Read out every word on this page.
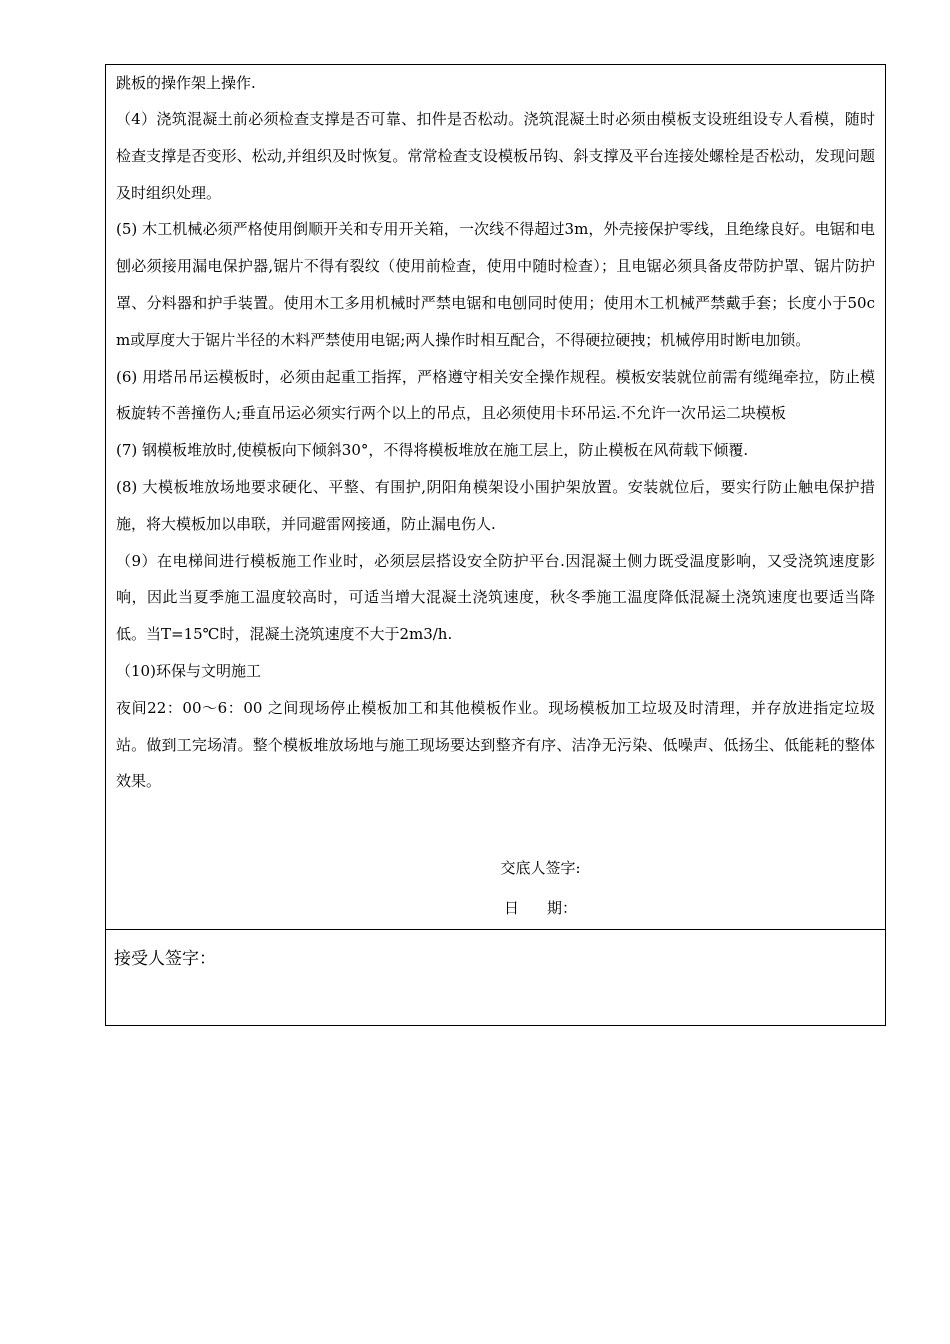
跳板的操作架上操作.

（4）浇筑混凝土前必须检查支撑是否可靠、扣件是否松动。浇筑混凝土时必须由模板支设班组设专人看模，随时检查支撑是否变形、松动,并组织及时恢复。常常检查支设模板吊钩、斜支撑及平台连接处螺栓是否松动，发现问题及时组织处理。

(5) 木工机械必须严格使用倒顺开关和专用开关箱，一次线不得超过3m，外壳接保护零线，且绝缘良好。电锯和电刨必须接用漏电保护器,锯片不得有裂纹（使用前检查，使用中随时检查）；且电锯必须具备皮带防护罩、锯片防护罩、分料器和护手装置。使用木工多用机械时严禁电锯和电刨同时使用；使用木工机械严禁戴手套；长度小于50cm或厚度大于锯片半径的木料严禁使用电锯;两人操作时相互配合，不得硬拉硬拽；机械停用时断电加锁。

(6) 用塔吊吊运模板时，必须由起重工指挥，严格遵守相关安全操作规程。模板安装就位前需有缆绳牵拉，防止模板旋转不善撞伤人;垂直吊运必须实行两个以上的吊点，且必须使用卡环吊运.不允许一次吊运二块模板

(7) 钢模板堆放时,使模板向下倾斜30°，不得将模板堆放在施工层上，防止模板在风荷载下倾覆.

(8) 大模板堆放场地要求硬化、平整、有围护,阴阳角模架设小围护架放置。安装就位后，要实行防止触电保护措施，将大模板加以串联，并同避雷网接通，防止漏电伤人.

（9）在电梯间进行模板施工作业时，必须层层搭设安全防护平台.因混凝土侧力既受温度影响，又受浇筑速度影响，因此当夏季施工温度较高时，可适当增大混凝土浇筑速度，秋冬季施工温度降低混凝土浇筑速度也要适当降低。当T=15℃时，混凝土浇筑速度不大于2m3/h.

（10)环保与文明施工

夜间22：00～6：00 之间现场停止模板加工和其他模板作业。现场模板加工垃圾及时清理，并存放进指定垃圾站。做到工完场清。整个模板堆放场地与施工现场要达到整齐有序、洁净无污染、低噪声、低扬尘、低能耗的整体效果。

交底人签字:
日 期：

接受人签字：
